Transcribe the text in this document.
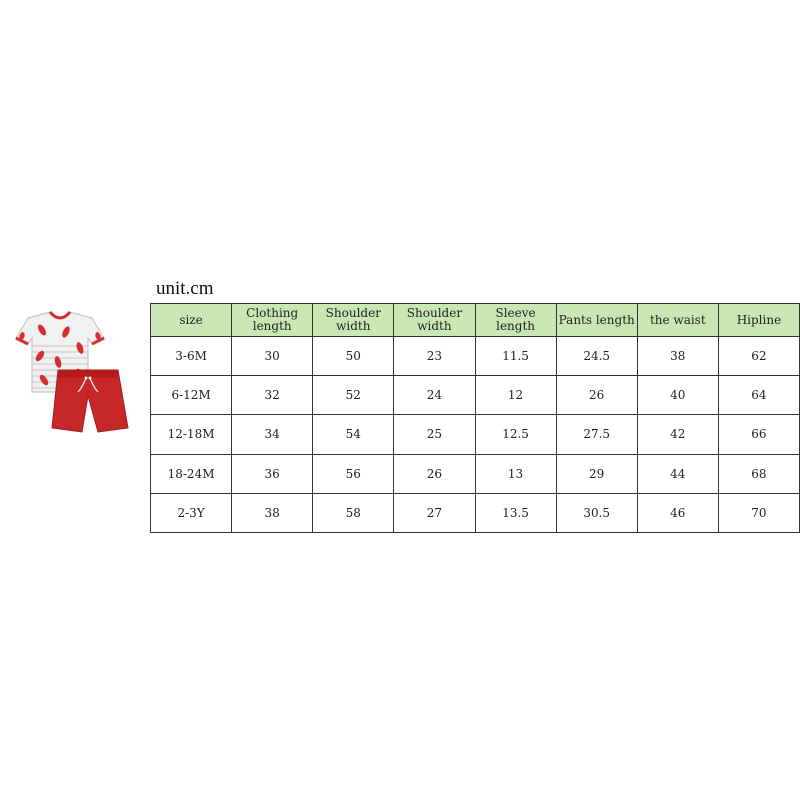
unit.cm
size	Clothing length	Shoulder width	Shoulder width	Sleeve length	Pants length	the waist	Hipline
3-6M	30	50	23	11.5	24.5	38	62
6-12M	32	52	24	12	26	40	64
12-18M	34	54	25	12.5	27.5	42	66
18-24M	36	56	26	13	29	44	68
2-3Y	38	58	27	13.5	30.5	46	70
